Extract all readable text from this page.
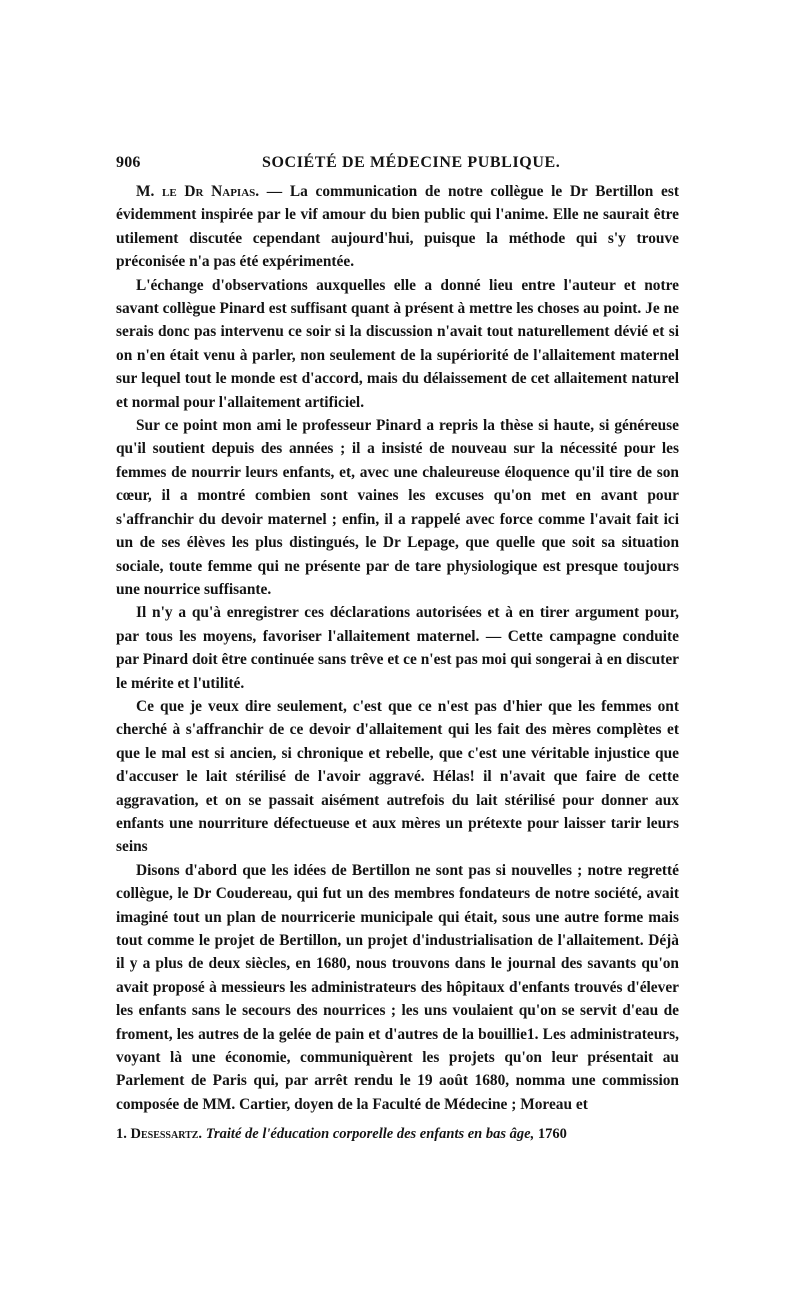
906	SOCIÉTÉ DE MÉDECINE PUBLIQUE.

M. le Dr Napias. — La communication de notre collègue le Dr Bertillon est évidemment inspirée par le vif amour du bien public qui l'anime. Elle ne saurait être utilement discutée cependant aujourd'hui, puisque la méthode qui s'y trouve préconisée n'a pas été expérimentée.

L'échange d'observations auxquelles elle a donné lieu entre l'auteur et notre savant collègue Pinard est suffisant quant à présent à mettre les choses au point. Je ne serais donc pas intervenu ce soir si la discussion n'avait tout naturellement dévié et si on n'en était venu à parler, non seulement de la supériorité de l'allaitement maternel sur lequel tout le monde est d'accord, mais du délaissement de cet allaitement naturel et normal pour l'allaitement artificiel.

Sur ce point mon ami le professeur Pinard a repris la thèse si haute, si généreuse qu'il soutient depuis des années ; il a insisté de nouveau sur la nécessité pour les femmes de nourrir leurs enfants, et, avec une chaleureuse éloquence qu'il tire de son cœur, il a montré combien sont vaines les excuses qu'on met en avant pour s'affranchir du devoir maternel ; enfin, il a rappelé avec force comme l'avait fait ici un de ses élèves les plus distingués, le Dr Lepage, que quelle que soit sa situation sociale, toute femme qui ne présente par de tare physiologique est presque toujours une nourrice suffisante.

Il n'y a qu'à enregistrer ces déclarations autorisées et à en tirer argument pour, par tous les moyens, favoriser l'allaitement maternel. — Cette campagne conduite par Pinard doit être continuée sans trêve et ce n'est pas moi qui songerai à en discuter le mérite et l'utilité.

Ce que je veux dire seulement, c'est que ce n'est pas d'hier que les femmes ont cherché à s'affranchir de ce devoir d'allaitement qui les fait des mères complètes et que le mal est si ancien, si chronique et rebelle, que c'est une véritable injustice que d'accuser le lait stérilisé de l'avoir aggravé. Hélas! il n'avait que faire de cette aggravation, et on se passait aisément autrefois du lait stérilisé pour donner aux enfants une nourriture défectueuse et aux mères un prétexte pour laisser tarir leurs seins

Disons d'abord que les idées de Bertillon ne sont pas si nouvelles ; notre regretté collègue, le Dr Coudereau, qui fut un des membres fondateurs de notre société, avait imaginé tout un plan de nourricerie municipale qui était, sous une autre forme mais tout comme le projet de Bertillon, un projet d'industrialisation de l'allaitement. Déjà il y a plus de deux siècles, en 1680, nous trouvons dans le journal des savants qu'on avait proposé à messieurs les administrateurs des hôpitaux d'enfants trouvés d'élever les enfants sans le secours des nourrices ; les uns voulaient qu'on se servit d'eau de froment, les autres de la gelée de pain et d'autres de la bouillie1. Les administrateurs, voyant là une économie, communiquèrent les projets qu'on leur présentait au Parlement de Paris qui, par arrêt rendu le 19 août 1680, nomma une commission composée de MM. Cartier, doyen de la Faculté de Médecine ; Moreau et

1. Desessartz. Traité de l'éducation corporelle des enfants en bas âge, 1760
